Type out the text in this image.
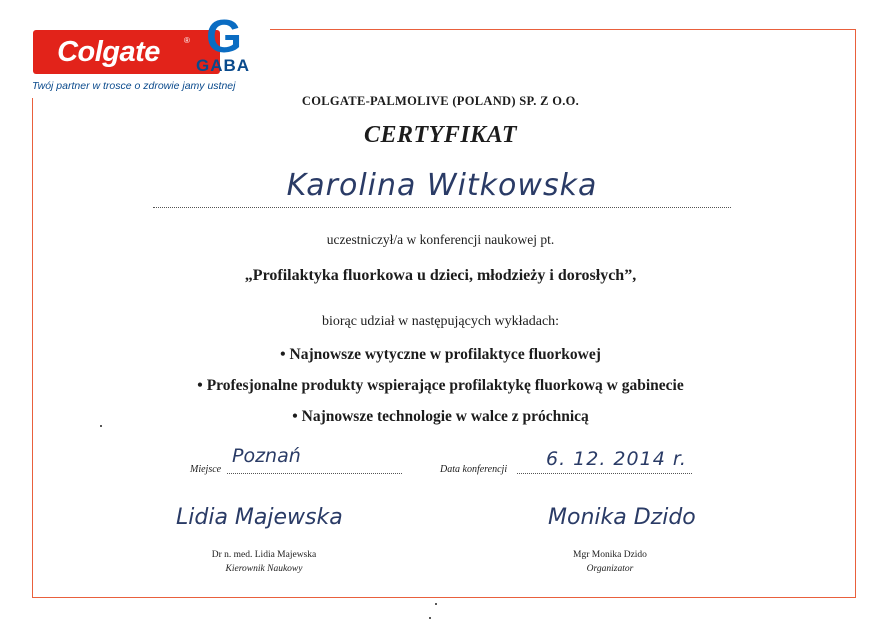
Colgate	® G
GABA
Twój partner w trosce o zdrowie jamy ustnej
COLGATE-PALMOLIVE (POLAND) SP. Z O.O.
CERTYFIKAT
Karolina Witkowska
uczestniczył/a w konferencji naukowej pt.
„Profilaktyka fluorkowa u dzieci, młodzieży i dorosłych”,
biorąc udział w następujących wykładach:
• Najnowsze wytyczne w profilaktyce fluorkowej
• Profesjonalne produkty wspierające profilaktykę fluorkową w gabinecie
• Najnowsze technologie w walce z próchnicą
Miejsce
Poznań
Data konferencji 6. 12. 2014 r.
Lidia Majewska
Dr n. med. Lidia Majewska
Kierownik Naukowy
Monika Dzido
Mgr Monika Dzido
Organizator
